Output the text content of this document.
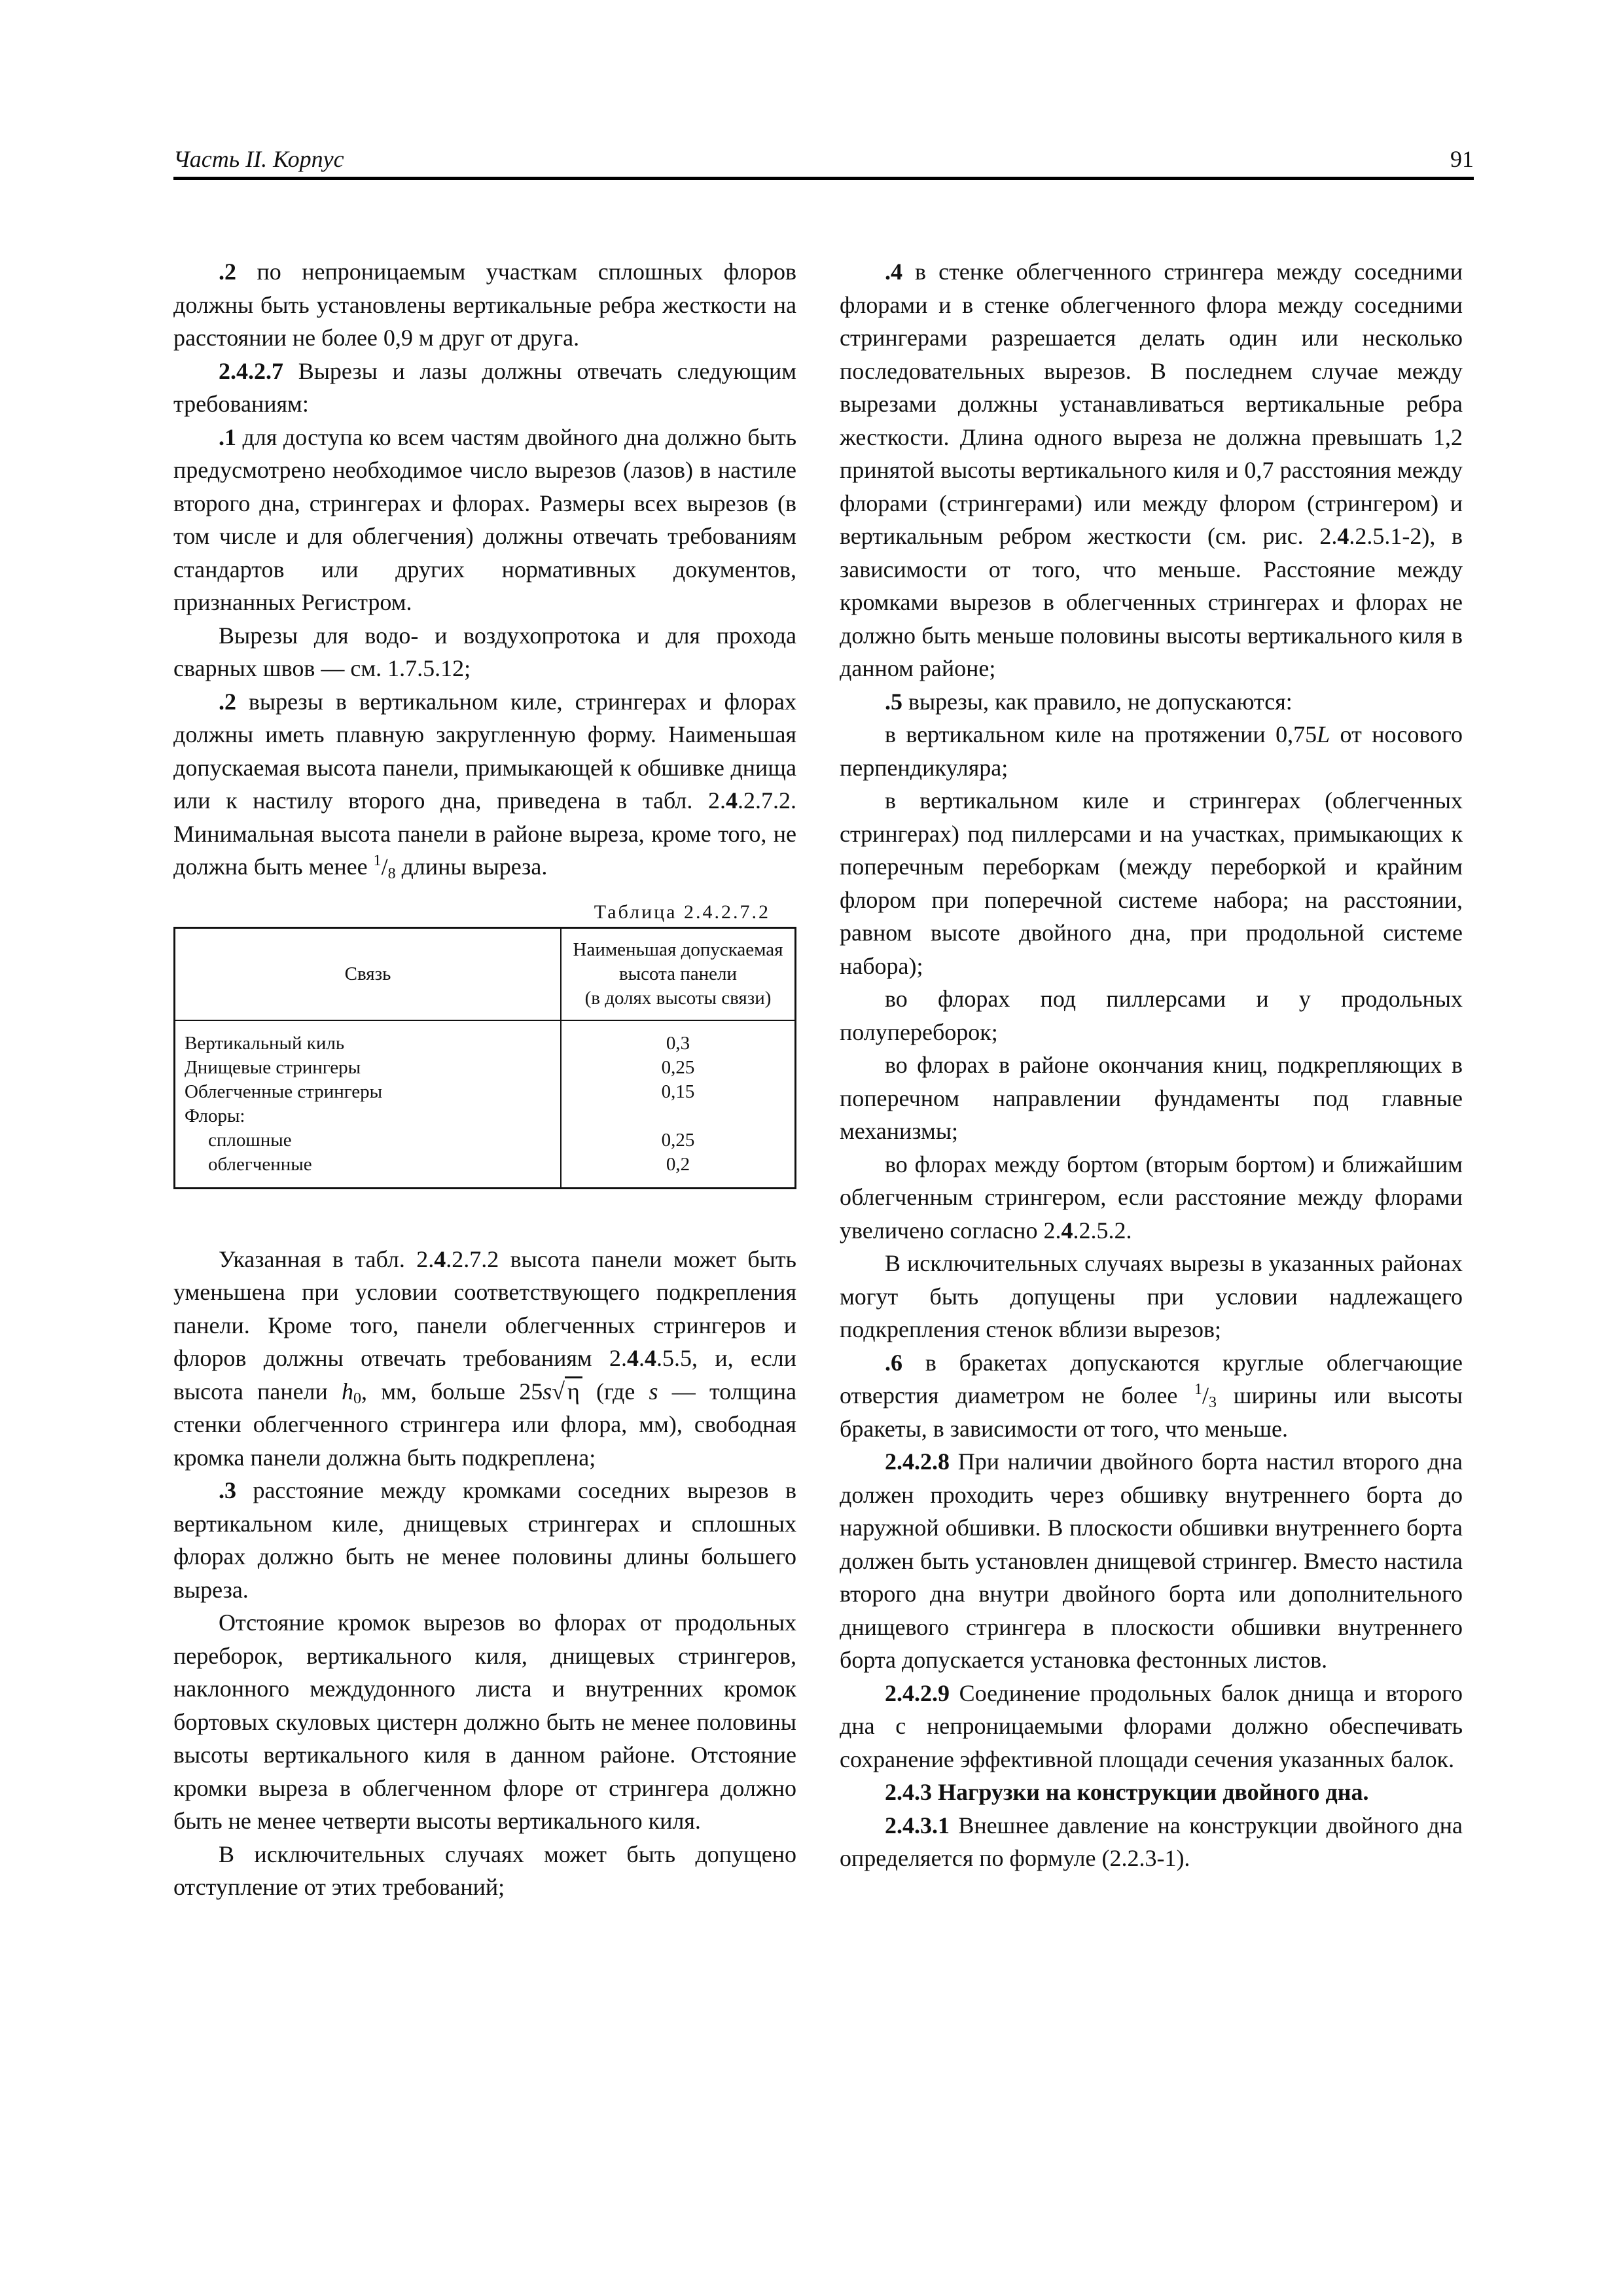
Часть II. Корпус	91

.2 по непроницаемым участкам сплошных флоров должны быть установлены вертикальные ребра жесткости на расстоянии не более 0,9 м друг от друга.

2.4.2.7 Вырезы и лазы должны отвечать следующим требованиям:

.1 для доступа ко всем частям двойного дна должно быть предусмотрено необходимое число вырезов (лазов) в настиле второго дна, стрингерах и флорах. Размеры всех вырезов (в том числе и для облегчения) должны отвечать требованиям стандартов или других нормативных документов, признанных Регистром.

Вырезы для водо- и воздухопротока и для прохода сварных швов — см. 1.7.5.12;

.2 вырезы в вертикальном киле, стрингерах и флорах должны иметь плавную закругленную форму. Наименьшая допускаемая высота панели, примыкающей к обшивке днища или к настилу второго дна, приведена в табл. 2.4.2.7.2. Минимальная высота панели в районе выреза, кроме того, не должна быть менее $^1/_8$ длины выреза.

Таблица 2.4.2.7.2
Связь	Наименьшая допускаемая
высота панели
(в долях высоты связи)
Вертикальный киль	0,3
Днищевые стрингеры	0,25
Облегченные стрингеры	0,15
Флоры:	
сплошные	0,25
облегченные	0,2

Указанная в табл. 2.4.2.7.2 высота панели может быть уменьшена при условии соответствующего подкрепления панели. Кроме того, панели облегченных стрингеров и флоров должны отвечать требованиям 2.4.4.5.5, и, если высота панели $h_0$, мм, больше 25s√ η (где s — толщина стенки облегченного стрингера или флора, мм), свободная кромка панели должна быть подкреплена;

.3 расстояние между кромками соседних вырезов в вертикальном киле, днищевых стрингерах и сплошных флорах должно быть не менее половины длины большего выреза.

Отстояние кромок вырезов во флорах от продольных переборок, вертикального киля, днищевых стрингеров, наклонного междудонного листа и внутренних кромок бортовых скуловых цистерн должно быть не менее половины высоты вертикального киля в данном районе. Отстояние кромки выреза в облегченном флоре от стрингера должно быть не менее четверти высоты вертикального киля.

В исключительных случаях может быть допущено отступление от этих требований;

.4 в стенке облегченного стрингера между соседними флорами и в стенке облегченного флора между соседними стрингерами разрешается делать один или несколько последовательных вырезов. В последнем случае между вырезами должны устанавливаться вертикальные ребра жесткости. Длина одного выреза не должна превышать 1,2 принятой высоты вертикального киля и 0,7 расстояния между флорами (стрингерами) или между флором (стрингером) и вертикальным ребром жесткости (см. рис. 2.4.2.5.1-2), в зависимости от того, что меньше. Расстояние между кромками вырезов в облегченных стрингерах и флорах не должно быть меньше половины высоты вертикального киля в данном районе;

.5 вырезы, как правило, не допускаются:

в вертикальном киле на протяжении 0,75L от носового перпендикуляра;

в вертикальном киле и стрингерах (облегченных стрингерах) под пиллерсами и на участках, примыкающих к поперечным переборкам (между переборкой и крайним флором при поперечной системе набора; на расстоянии, равном высоте двойного дна, при продольной системе набора);

во флорах под пиллерсами и у продольных полупереборок;

во флорах в районе окончания книц, подкрепляющих в поперечном направлении фундаменты под главные механизмы;

во флорах между бортом (вторым бортом) и ближайшим облегченным стрингером, если расстояние между флорами увеличено согласно 2.4.2.5.2.

В исключительных случаях вырезы в указанных районах могут быть допущены при условии надлежащего подкрепления стенок вблизи вырезов;

.6 в бракетах допускаются круглые облегчающие отверстия диаметром не более $^1/_3$ ширины или высоты бракеты, в зависимости от того, что меньше.

2.4.2.8 При наличии двойного борта настил второго дна должен проходить через обшивку внутреннего борта до наружной обшивки. В плоскости обшивки внутреннего борта должен быть установлен днищевой стрингер. Вместо настила второго дна внутри двойного борта или дополнительного днищевого стрингера в плоскости обшивки внутреннего борта допускается установка фестонных листов.

2.4.2.9 Соединение продольных балок днища и второго дна с непроницаемыми флорами должно обеспечивать сохранение эффективной площади сечения указанных балок.

2.4.3 Нагрузки на конструкции двойного дна.

2.4.3.1 Внешнее давление на конструкции двойного дна определяется по формуле (2.2.3-1).
